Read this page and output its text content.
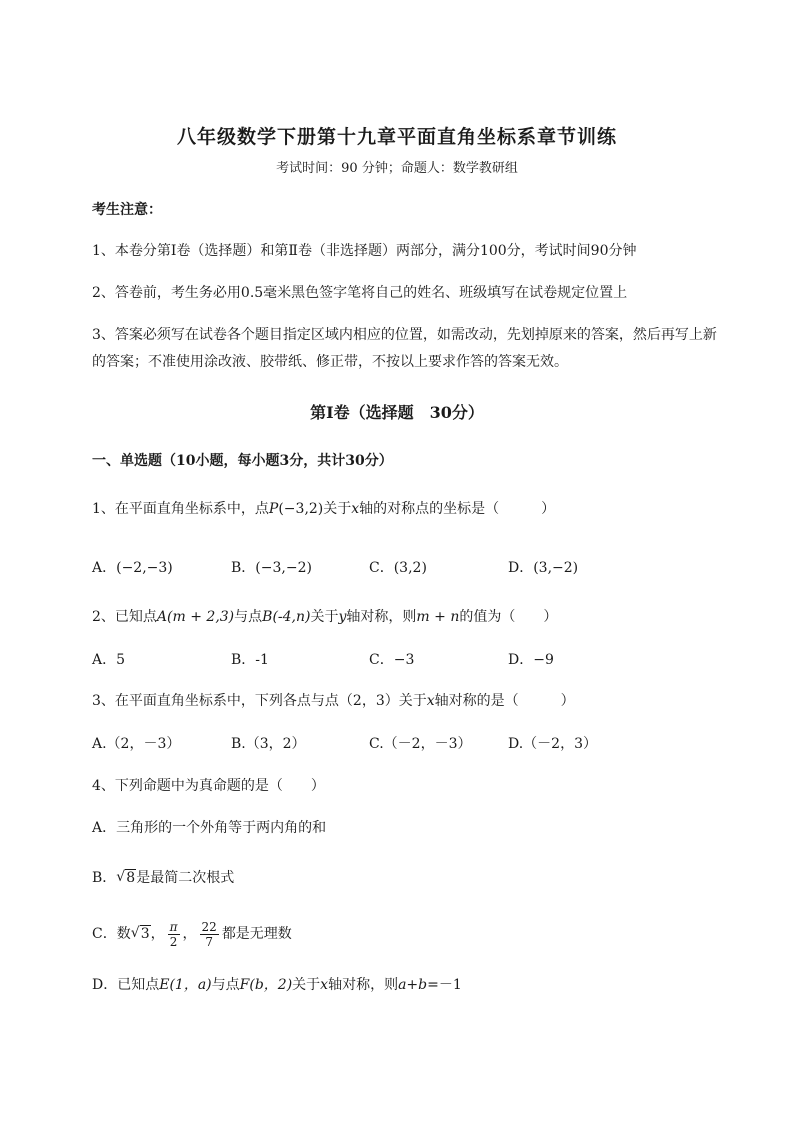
八年级数学下册第十九章平面直角坐标系章节训练
考试时间：90 分钟；命题人：数学教研组
考生注意：
1、本卷分第Ⅰ卷（选择题）和第Ⅱ卷（非选择题）两部分，满分100分，考试时间90分钟
2、答卷前，考生务必用0.5毫米黑色签字笔将自己的姓名、班级填写在试卷规定位置上
3、答案必须写在试卷各个题目指定区域内相应的位置，如需改动，先划掉原来的答案，然后再写上新
的答案；不准使用涂改液、胶带纸、修正带，不按以上要求作答的答案无效。
第Ⅰ卷（选择题　30分）
一、单选题（10小题，每小题3分，共计30分）
1、在平面直角坐标系中，点P(−3,2)关于x轴的对称点的坐标是（　　　）
A．(−2,−3)	B．(−3,−2)	C．(3,2)	D．(3,−2)
2、已知点A(m + 2,3)与点B(-4,n)关于y轴对称，则m + n的值为（　　）
A．5	B．-1	C．−3	D．−9
3、在平面直角坐标系中，下列各点与点（2，3）关于x轴对称的是（　　　）
A.（2，－3）	B.（3，2）	C.（－2，－3）	D.（－2，3）
4、下列命题中为真命题的是（　　）
A．三角形的一个外角等于两内角的和
B． √ 8是最简二次根式
C．数 √ 3， $\frac{\pi}{2}$ ， $\frac{22}{7}$ 都是无理数
D．已知点E(1，a)与点F(b，2)关于x轴对称，则a+b=－1
